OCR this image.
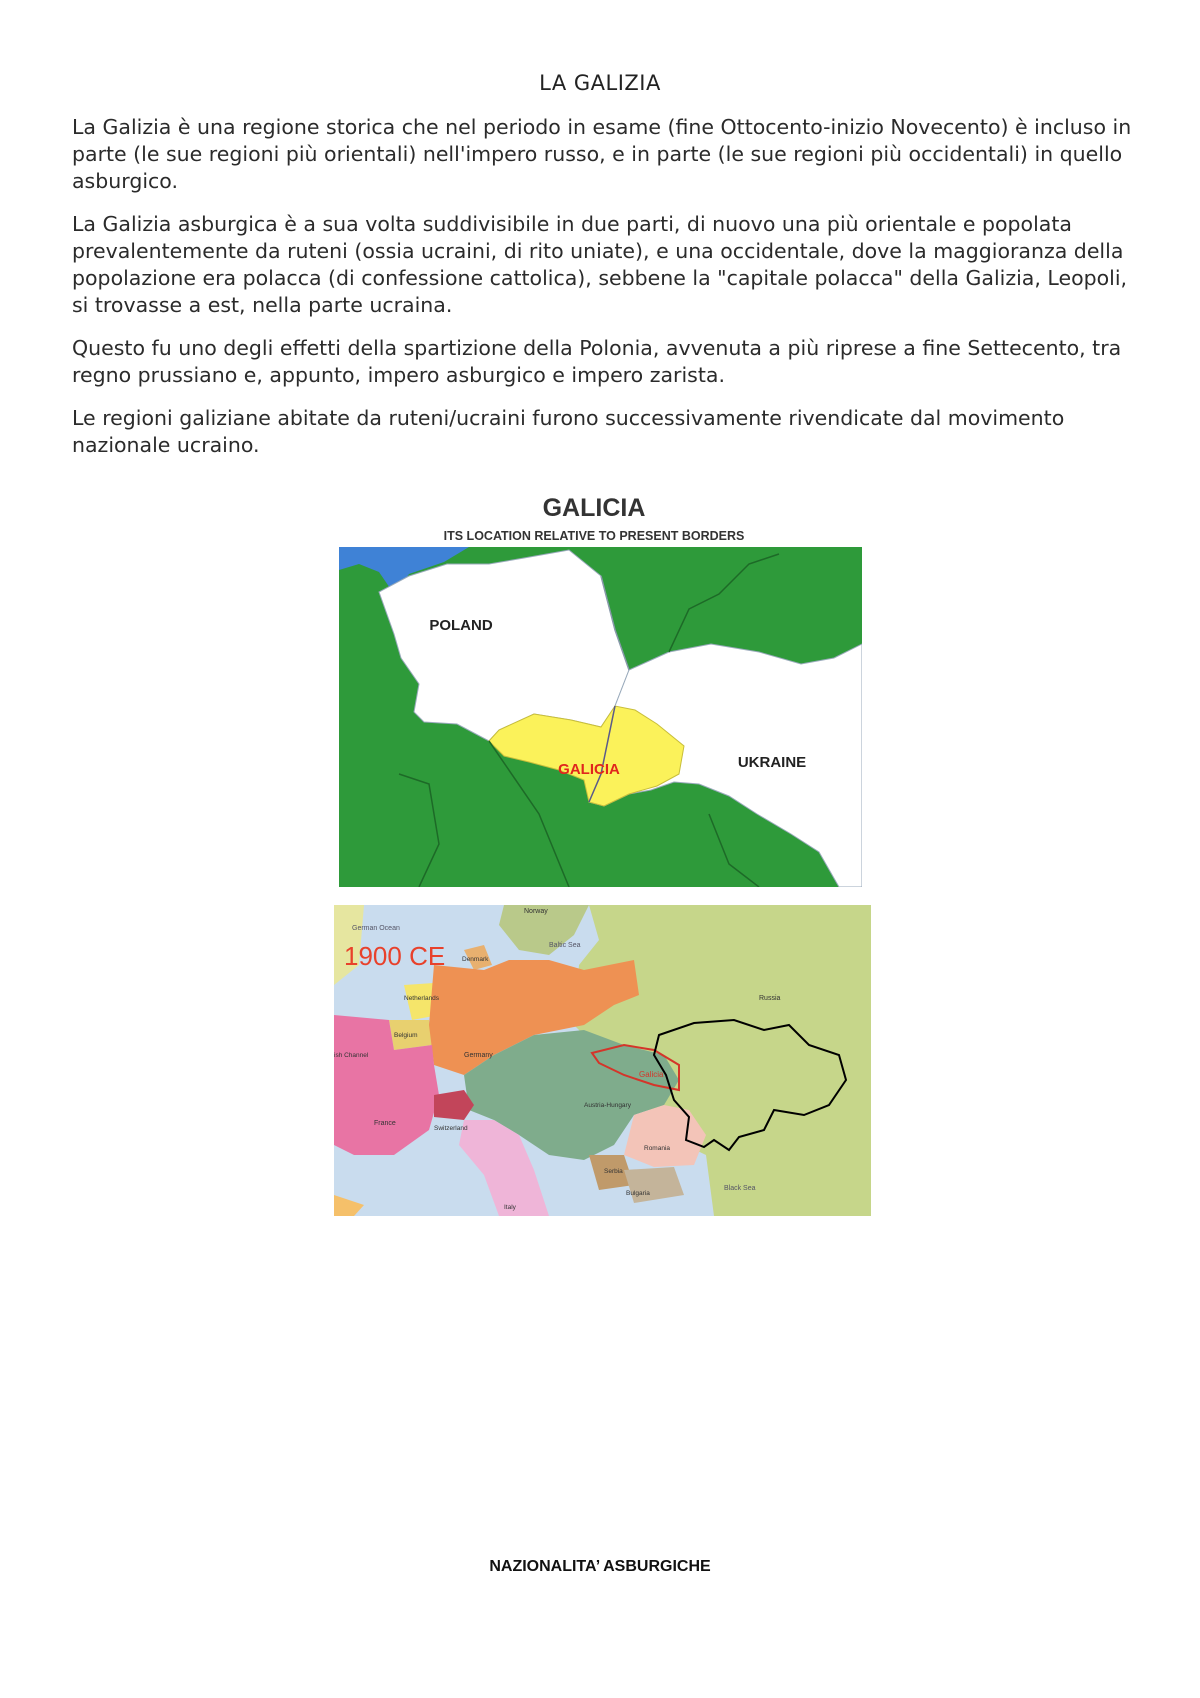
LA GALIZIA

La Galizia è una regione storica che nel periodo in esame (fine Ottocento-inizio Novecento) è incluso in parte (le sue regioni più orientali) nell'impero russo, e in parte (le sue regioni più occidentali) in quello asburgico.

La Galizia asburgica è a sua volta suddivisibile in due parti, di nuovo una più orientale e popolata prevalentemente da ruteni (ossia ucraini, di rito uniate), e una occidentale, dove la maggioranza della popolazione era polacca (di confessione cattolica), sebbene la "capitale polacca" della Galizia, Leopoli, si trovasse a est, nella parte ucraina.

Questo fu uno degli effetti della spartizione della Polonia, avvenuta a più riprese a fine Settecento, tra regno prussiano e, appunto, impero asburgico e impero zarista.

Le regioni galiziane abitate da ruteni/ucraini furono successivamente rivendicate dal movimento nazionale ucraino.

GALICIA
ITS LOCATION RELATIVE TO PRESENT BORDERS
POLAND
GALICIA	UKRAINE
1900 CE
German Ocean
Norway
Baltic Sea
Denmark
Netherlands
Belgium
ish Channel	Germany
Russia
Galicia
Austria-Hungary
France
Switzerland
Romania
Serbia
Bulgaria
Black Sea
Italy
NAZIONALITA’ ASBURGICHE
